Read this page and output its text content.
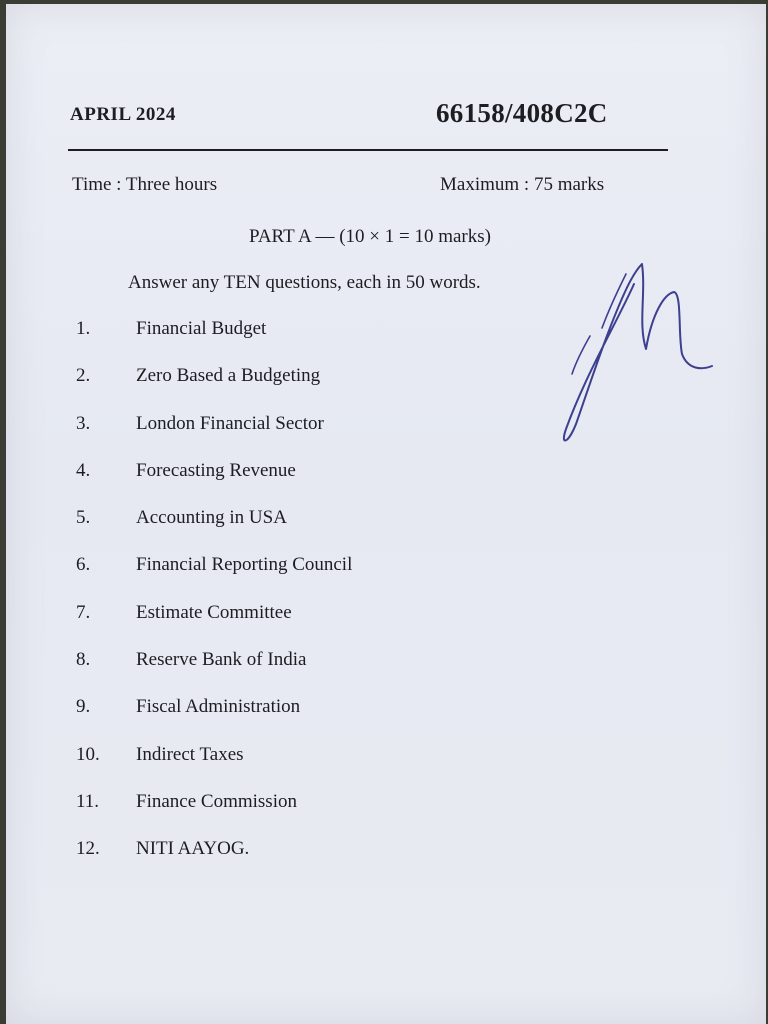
APRIL 2024	66158/408C2C
Time : Three hours	Maximum : 75 marks
PART A — (10 × 1 = 10 marks)
Answer any TEN questions, each in 50 words.
1.	Financial Budget
2.	Zero Based a Budgeting
3.	London Financial Sector
4.	Forecasting Revenue
5.	Accounting in USA
6.	Financial Reporting Council
7.	Estimate Committee
8.	Reserve Bank of India
9.	Fiscal Administration
10.	Indirect Taxes
11.	Finance Commission
12.	NITI AAYOG.
